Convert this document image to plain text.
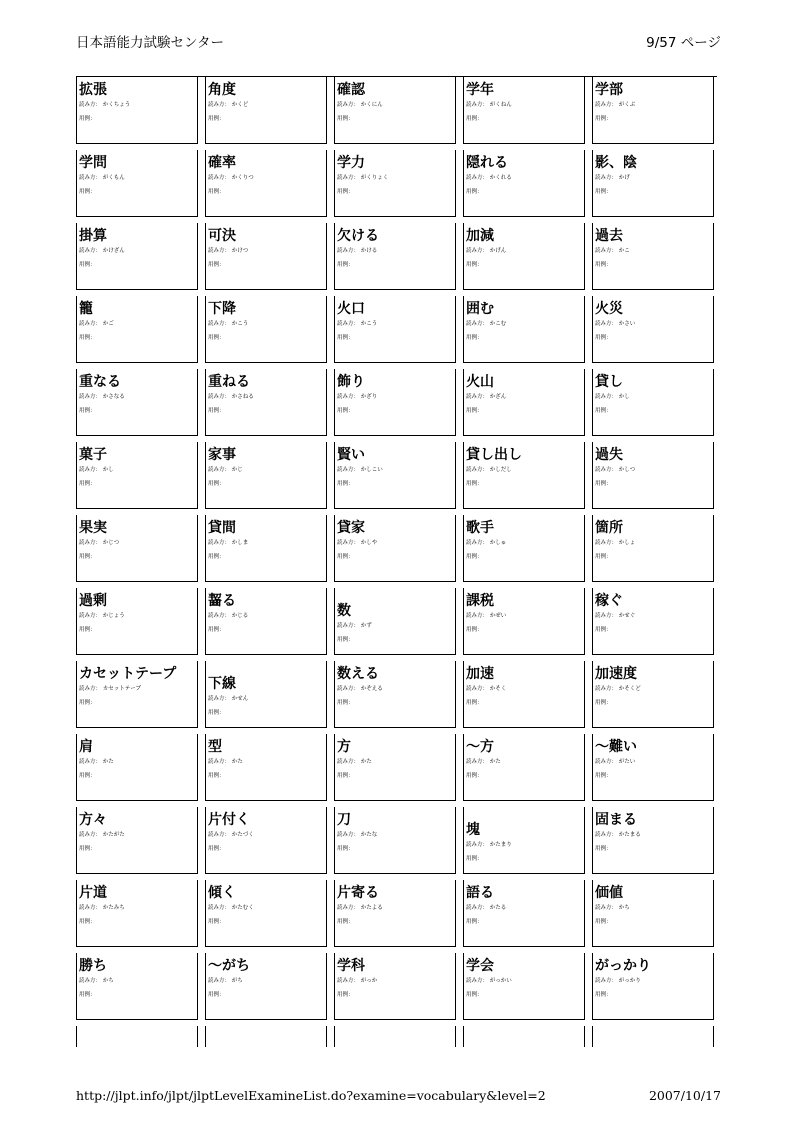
日本語能力試験センター	9/57 ページ
拡張
読み方： かくちょう
用例：
角度
読み方： かくど
用例：
確認
読み方： かくにん
用例：
学年
読み方： がくねん
用例：
学部
読み方： がくぶ
用例：
学問
読み方： がくもん
用例：
確率
読み方： かくりつ
用例：
学力
読み方： がくりょく
用例：
隠れる
読み方： かくれる
用例：
影、陰
読み方： かげ
用例：
掛算
読み方： かけざん
用例：
可決
読み方： かけつ
用例：
欠ける
読み方： かける
用例：
加減
読み方： かげん
用例：
過去
読み方： かこ
用例：
籠
読み方： かご
用例：
下降
読み方： かこう
用例：
火口
読み方： かこう
用例：
囲む
読み方： かこむ
用例：
火災
読み方： かさい
用例：
重なる
読み方： かさなる
用例：
重ねる
読み方： かさねる
用例：
飾り
読み方： かざり
用例：
火山
読み方： かざん
用例：
貸し
読み方： かし
用例：
菓子
読み方： かし
用例：
家事
読み方： かじ
用例：
賢い
読み方： かしこい
用例：
貸し出し
読み方： かしだし
用例：
過失
読み方： かしつ
用例：
果実
読み方： かじつ
用例：
貸間
読み方： かしま
用例：
貸家
読み方： かしや
用例：
歌手
読み方： かしゅ
用例：
箇所
読み方： かしょ
用例：
過剰
読み方： かじょう
用例：
齧る
読み方： かじる
用例：
数
読み方： かず
用例：
課税
読み方： かぜい
用例：
稼ぐ
読み方： かせぐ
用例：
カセットテープ
読み方： カセットテープ
用例：
下線
読み方： かせん
用例：
数える
読み方： かぞえる
用例：
加速
読み方： かそく
用例：
加速度
読み方： かそくど
用例：
肩
読み方： かた
用例：
型
読み方： かた
用例：
方
読み方： かた
用例：
～方
読み方： かた
用例：
～難い
読み方： がたい
用例：
方々
読み方： かたがた
用例：
片付く
読み方： かたづく
用例：
刀
読み方： かたな
用例：
塊
読み方： かたまり
用例：
固まる
読み方： かたまる
用例：
片道
読み方： かたみち
用例：
傾く
読み方： かたむく
用例：
片寄る
読み方： かたよる
用例：
語る
読み方： かたる
用例：
価値
読み方： かち
用例：
勝ち
読み方： かち
用例：
～がち
読み方： がち
用例：
学科
読み方： がっか
用例：
学会
読み方： がっかい
用例：
がっかり
読み方： がっかり
用例：
http://jlpt.info/jlpt/jlptLevelExamineList.do?examine=vocabulary&level=2	2007/10/17
